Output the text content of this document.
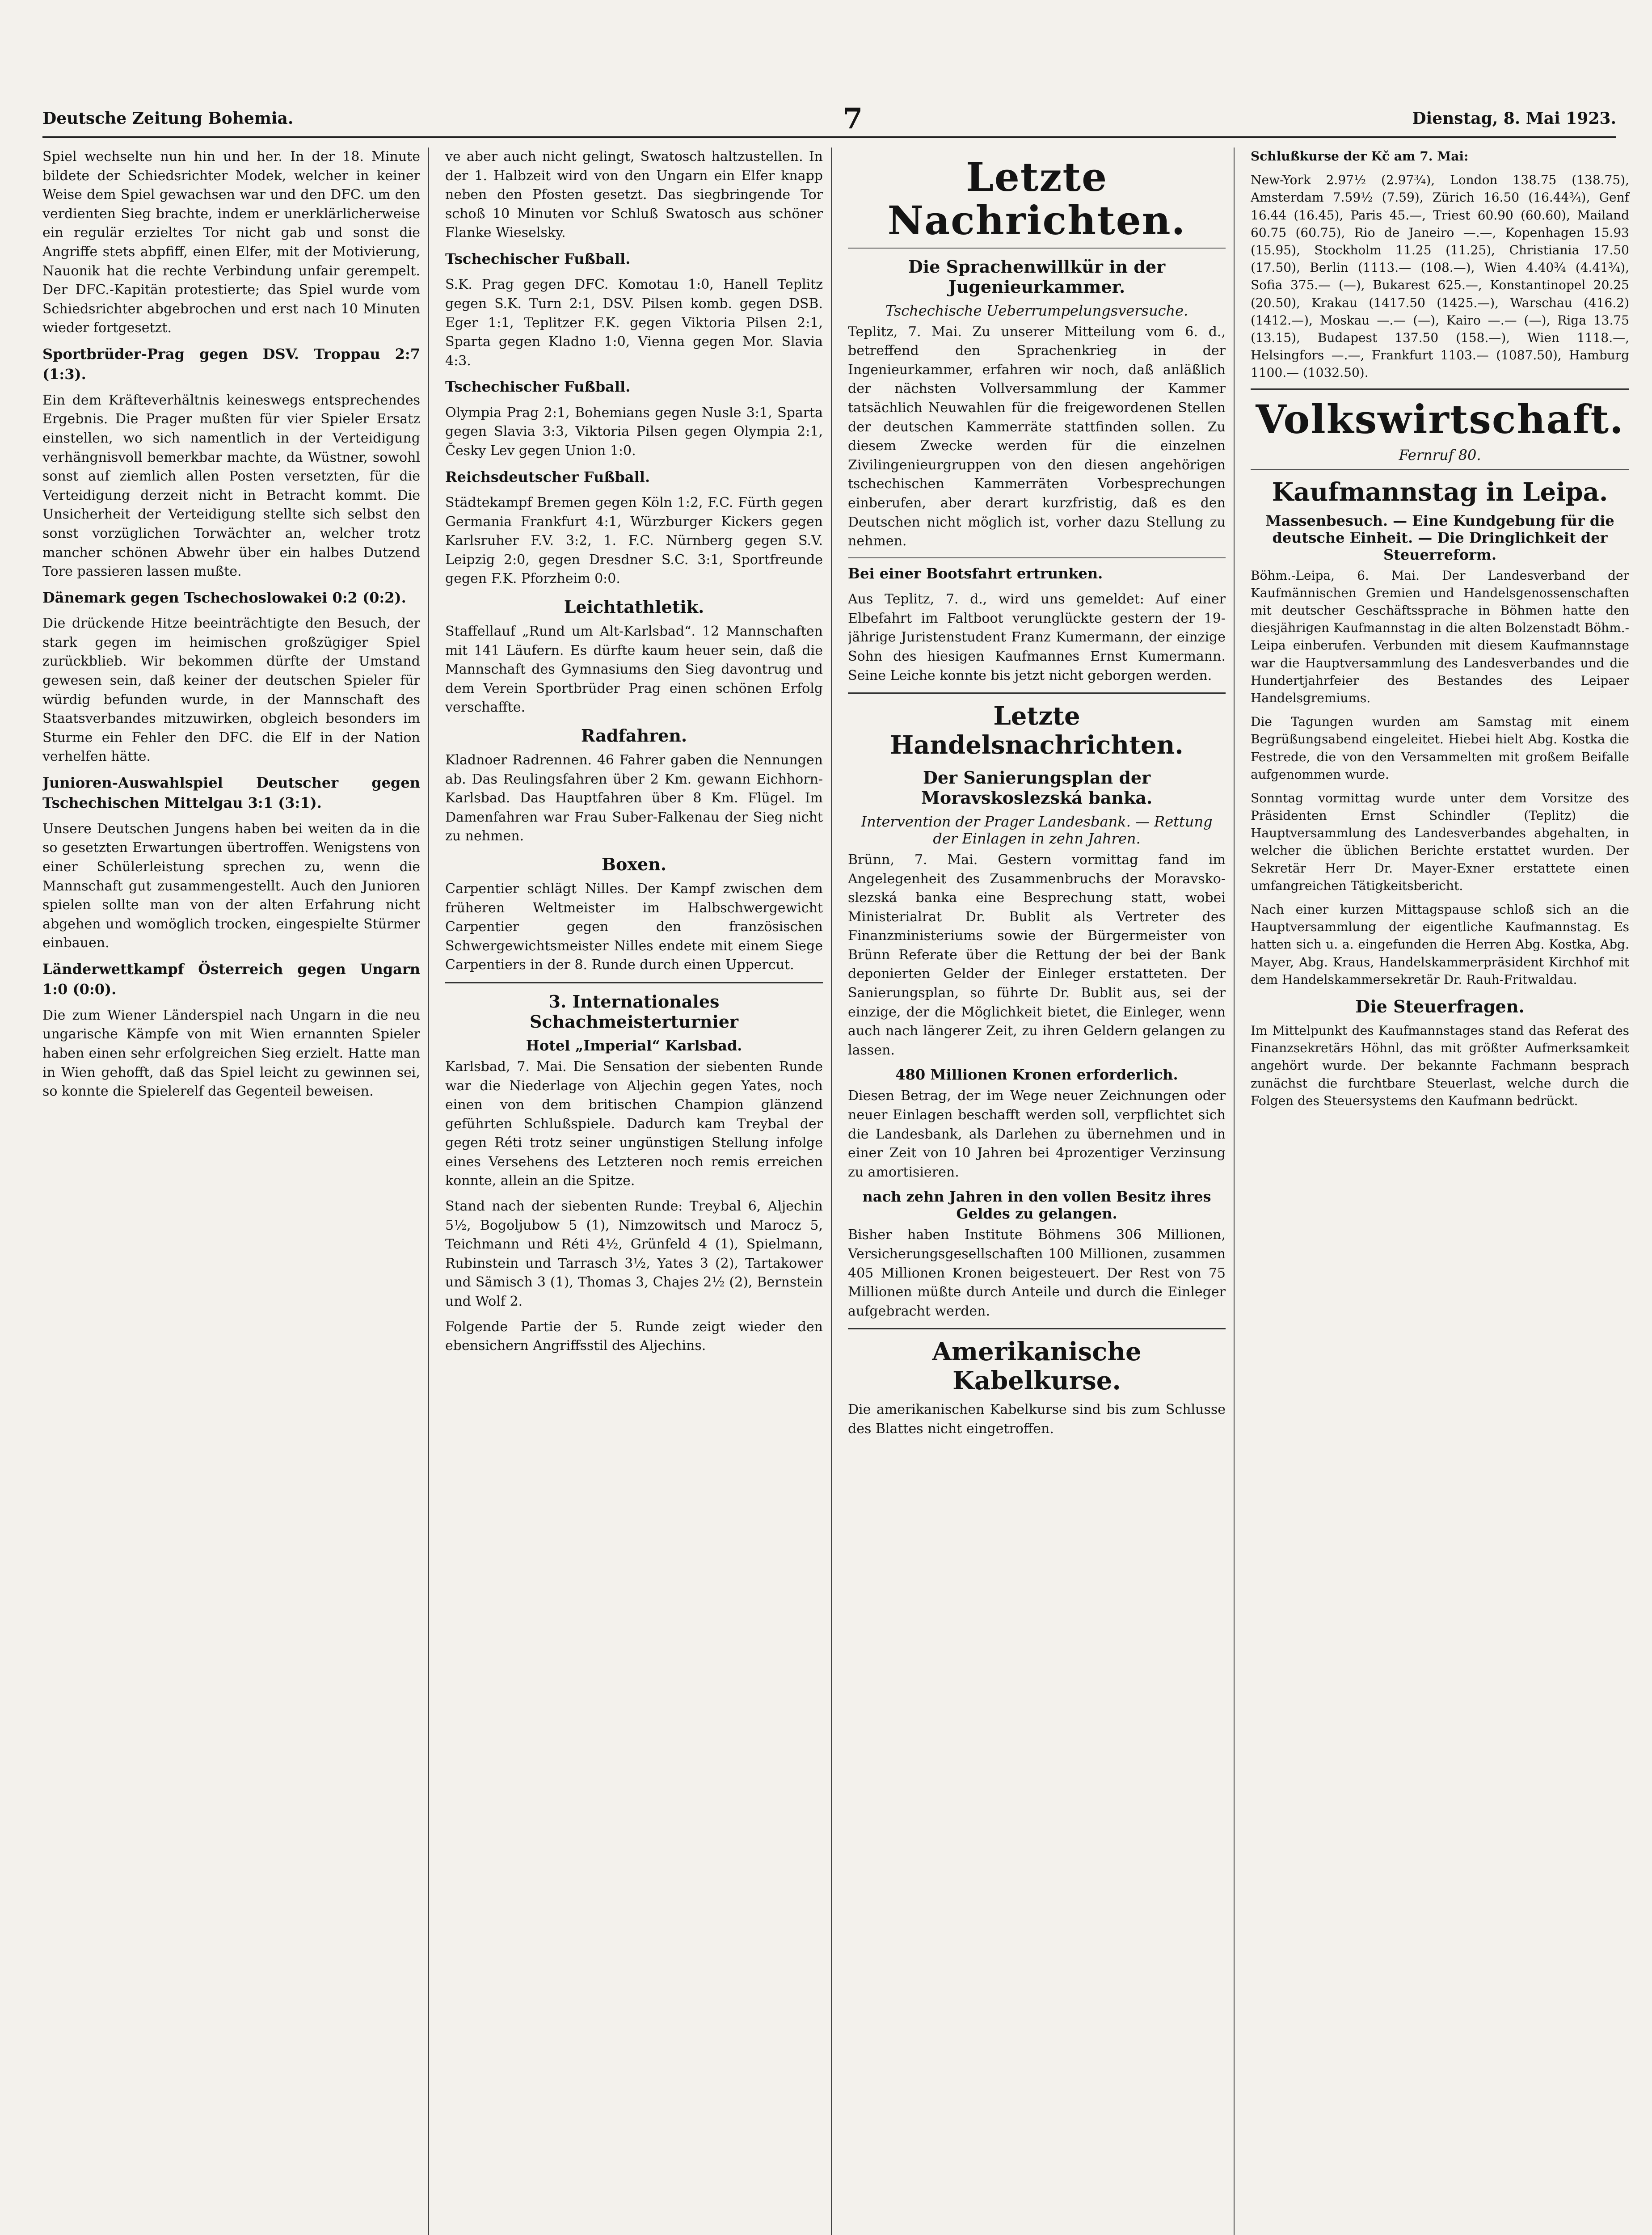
Deutsche Zeitung Bohemia.	7	Dienstag, 8. Mai 1923.

Spiel wechselte nun hin und her. In der 18. Minute bildete der Schiedsrichter Modek, welcher in keiner Weise dem Spiel gewachsen war und den DFC. um den verdienten Sieg brachte, indem er unerklärlicherweise ein regulär erzieltes Tor nicht gab und sonst die Angriffe stets abpfiff, einen Elfer, mit der Motivierung, Nauonik hat die rechte Verbindung unfair gerempelt. Der DFC.-Kapitän protestierte; das Spiel wurde vom Schiedsrichter abgebrochen und erst nach 10 Minuten wieder fortgesetzt.

Sportbrüder-Prag gegen DSV. Troppau 2:7 (1:3).

Ein dem Kräfteverhältnis keineswegs entsprechendes Ergebnis. Die Prager mußten für vier Spieler Ersatz einstellen, wo sich namentlich in der Verteidigung verhängnisvoll bemerkbar machte, da Wüstner, sowohl sonst auf ziemlich allen Posten versetzten, für die Verteidigung derzeit nicht in Betracht kommt. Die Unsicherheit der Verteidigung stellte sich selbst den sonst vorzüglichen Torwächter an, welcher trotz mancher schönen Abwehr über ein halbes Dutzend Tore passieren lassen mußte.

Dänemark gegen Tschechoslowakei 0:2 (0:2).

Die drückende Hitze beeinträchtigte den Besuch, der stark gegen im heimischen großzügiger Spiel zurückblieb. Wir bekommen dürfte der Umstand gewesen sein, daß keiner der deutschen Spieler für würdig befunden wurde, in der Mannschaft des Staatsverbandes mitzuwirken, obgleich besonders im Sturme ein Fehler den DFC. die Elf in der Nation verhelfen hätte.

Junioren-Auswahlspiel Deutscher gegen Tschechischen Mittelgau 3:1 (3:1).

Unsere Deutschen Jungens haben bei weiten da in die so gesetzten Erwartungen übertroffen. Wenigstens von einer Schülerleistung sprechen zu, wenn die Mannschaft gut zusammengestellt. Auch den Junioren spielen sollte man von der alten Erfahrung nicht abgehen und womöglich trocken, eingespielte Stürmer einbauen.

Länderwettkampf Österreich gegen Ungarn 1:0 (0:0).

Die zum Wiener Länderspiel nach Ungarn in die neu ungarische Kämpfe von mit Wien ernannten Spieler haben einen sehr erfolgreichen Sieg erzielt. Hatte man in Wien gehofft, daß das Spiel leicht zu gewinnen sei, so konnte die Spielerelf das Gegenteil beweisen.

ve aber auch nicht gelingt, Swatosch haltzustellen. In der 1. Halbzeit wird von den Ungarn ein Elfer knapp neben den Pfosten gesetzt. Das siegbringende Tor schoß 10 Minuten vor Schluß Swatosch aus schöner Flanke Wieselsky.

Tschechischer Fußball.

S.K. Prag gegen DFC. Komotau 1:0, Hanell Teplitz gegen S.K. Turn 2:1, DSV. Pilsen komb. gegen DSB. Eger 1:1, Teplitzer F.K. gegen Viktoria Pilsen 2:1, Sparta gegen Kladno 1:0, Vienna gegen Mor. Slavia 4:3.

Tschechischer Fußball.

Olympia Prag 2:1, Bohemians gegen Nusle 3:1, Sparta gegen Slavia 3:3, Viktoria Pilsen gegen Olympia 2:1, Česky Lev gegen Union 1:0.

Reichsdeutscher Fußball.

Städtekampf Bremen gegen Köln 1:2, F.C. Fürth gegen Germania Frankfurt 4:1, Würzburger Kickers gegen Karlsruher F.V. 3:2, 1. F.C. Nürnberg gegen S.V. Leipzig 2:0, gegen Dresdner S.C. 3:1, Sportfreunde gegen F.K. Pforzheim 0:0.

Leichtathletik.

Staffellauf „Rund um Alt-Karlsbad“. 12 Mannschaften mit 141 Läufern. Es dürfte kaum heuer sein, daß die Mannschaft des Gymnasiums den Sieg davontrug und dem Verein Sportbrüder Prag einen schönen Erfolg verschaffte.

Radfahren.

Kladnoer Radrennen. 46 Fahrer gaben die Nennungen ab. Das Reulingsfahren über 2 Km. gewann Eichhorn-Karlsbad. Das Hauptfahren über 8 Km. Flügel. Im Damenfahren war Frau Suber-Falkenau der Sieg nicht zu nehmen.

Boxen.

Carpentier schlägt Nilles. Der Kampf zwischen dem früheren Weltmeister im Halbschwergewicht Carpentier gegen den französischen Schwergewichtsmeister Nilles endete mit einem Siege Carpentiers in der 8. Runde durch einen Uppercut.

3. Internationales Schachmeisterturnier
Hotel „Imperial“ Karlsbad.

Karlsbad, 7. Mai. Die Sensation der siebenten Runde war die Niederlage von Aljechin gegen Yates, noch einen von dem britischen Champion glänzend geführten Schlußspiele. Dadurch kam Treybal der gegen Réti trotz seiner ungünstigen Stellung infolge eines Versehens des Letzteren noch remis erreichen konnte, allein an die Spitze.

Stand nach der siebenten Runde: Treybal 6, Aljechin 5½, Bogoljubow 5 (1), Nimzowitsch und Marocz 5, Teichmann und Réti 4½, Grünfeld 4 (1), Spielmann, Rubinstein und Tarrasch 3½, Yates 3 (2), Tartakower und Sämisch 3 (1), Thomas 3, Chajes 2½ (2), Bernstein und Wolf 2.

Folgende Partie der 5. Runde zeigt wieder den ebensichern Angriffsstil des Aljechins.

Letzte Nachrichten.
Die Sprachenwillkür in der Jugenieurkammer.
Tschechische Ueberrumpelungsversuche.

Teplitz, 7. Mai. Zu unserer Mitteilung vom 6. d., betreffend den Sprachenkrieg in der Ingenieurkammer, erfahren wir noch, daß anläßlich der nächsten Vollversammlung der Kammer tatsächlich Neuwahlen für die freigewordenen Stellen der deutschen Kammerräte stattfinden sollen. Zu diesem Zwecke werden für die einzelnen Zivilingenieurgruppen von den diesen angehörigen tschechischen Kammerräten Vorbesprechungen einberufen, aber derart kurzfristig, daß es den Deutschen nicht möglich ist, vorher dazu Stellung zu nehmen.

Bei einer Bootsfahrt ertrunken.

Aus Teplitz, 7. d., wird uns gemeldet: Auf einer Elbefahrt im Faltboot verunglückte gestern der 19-jährige Juristenstudent Franz Kumermann, der einzige Sohn des hiesigen Kaufmannes Ernst Kumermann. Seine Leiche konnte bis jetzt nicht geborgen werden.

Letzte Handelsnachrichten.
Der Sanierungsplan der Moravskoslezská banka.
Intervention der Prager Landesbank. — Rettung der Einlagen in zehn Jahren.

Brünn, 7. Mai. Gestern vormittag fand im Angelegenheit des Zusammenbruchs der Moravsko-slezská banka eine Besprechung statt, wobei Ministerialrat Dr. Bublit als Vertreter des Finanzministeriums sowie der Bürgermeister von Brünn Referate über die Rettung der bei der Bank deponierten Gelder der Einleger erstatteten. Der Sanierungsplan, so führte Dr. Bublit aus, sei der einzige, der die Möglichkeit bietet, die Einleger, wenn auch nach längerer Zeit, zu ihren Geldern gelangen zu lassen.

480 Millionen Kronen erforderlich.

Diesen Betrag, der im Wege neuer Zeichnungen oder neuer Einlagen beschafft werden soll, verpflichtet sich die Landesbank, als Darlehen zu übernehmen und in einer Zeit von 10 Jahren bei 4prozentiger Verzinsung zu amortisieren.

nach zehn Jahren in den vollen Besitz ihres Geldes zu gelangen.

Bisher haben Institute Böhmens 306 Millionen, Versicherungsgesellschaften 100 Millionen, zusammen 405 Millionen Kronen beigesteuert. Der Rest von 75 Millionen müßte durch Anteile und durch die Einleger aufgebracht werden.

Amerikanische Kabelkurse.

Die amerikanischen Kabelkurse sind bis zum Schlusse des Blattes nicht eingetroffen.

Schlußkurse der Kč am 7. Mai:

New-York 2.97½ (2.97¾), London 138.75 (138.75), Amsterdam 7.59½ (7.59), Zürich 16.50 (16.44¾), Genf 16.44 (16.45), Paris 45.—, Triest 60.90 (60.60), Mailand 60.75 (60.75), Rio de Janeiro —.—, Kopenhagen 15.93 (15.95), Stockholm 11.25 (11.25), Christiania 17.50 (17.50), Berlin (1113.— (108.—), Wien 4.40¾ (4.41¾), Sofia 375.— (—), Bukarest 625.—, Konstantinopel 20.25 (20.50), Krakau (1417.50 (1425.—), Warschau (416.2) (1412.—), Moskau —.— (—), Kairo —.— (—), Riga 13.75 (13.15), Budapest 137.50 (158.—), Wien 1118.—, Helsingfors —.—, Frankfurt 1103.— (1087.50), Hamburg 1100.— (1032.50).

Volkswirtschaft.
Fernruf 80.
Kaufmannstag in Leipa.
Massenbesuch. — Eine Kundgebung für die deutsche Einheit. — Die Dringlichkeit der Steuerreform.

Böhm.-Leipa, 6. Mai. Der Landesverband der Kaufmännischen Gremien und Handelsgenossenschaften mit deutscher Geschäftssprache in Böhmen hatte den diesjährigen Kaufmannstag in die alten Bolzenstadt Böhm.-Leipa einberufen. Verbunden mit diesem Kaufmannstage war die Hauptversammlung des Landesverbandes und die Hundertjahrfeier des Bestandes des Leipaer Handelsgremiums.

Die Tagungen wurden am Samstag mit einem Begrüßungsabend eingeleitet. Hiebei hielt Abg. Kostka die Festrede, die von den Versammelten mit großem Beifalle aufgenommen wurde.

Sonntag vormittag wurde unter dem Vorsitze des Präsidenten Ernst Schindler (Teplitz) die Hauptversammlung des Landesverbandes abgehalten, in welcher die üblichen Berichte erstattet wurden. Der Sekretär Herr Dr. Mayer-Exner erstattete einen umfangreichen Tätigkeitsbericht.

Nach einer kurzen Mittagspause schloß sich an die Hauptversammlung der eigentliche Kaufmannstag. Es hatten sich u. a. eingefunden die Herren Abg. Kostka, Abg. Mayer, Abg. Kraus, Handelskammerpräsident Kirchhof mit dem Handelskammersekretär Dr. Rauh-Fritwaldau.

Die Steuerfragen.

Im Mittelpunkt des Kaufmannstages stand das Referat des Finanzsekretärs Höhnl, das mit größter Aufmerksamkeit angehört wurde. Der bekannte Fachmann besprach zunächst die furchtbare Steuerlast, welche durch die Folgen des Steuersystems den Kaufmann bedrückt.
